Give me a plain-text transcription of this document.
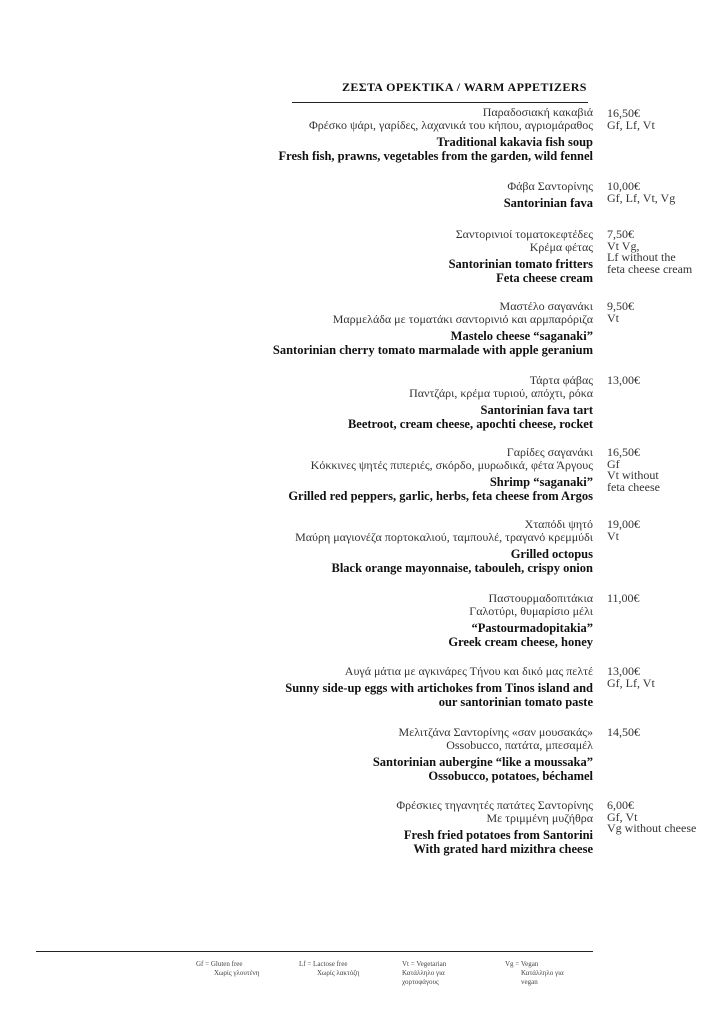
ΖΕΣΤΑ ΟΡΕΚΤΙΚΑ / WARM APPETIZERS
Παραδοσιακή κακαβιά
Φρέσκο ψάρι, γαρίδες, λαχανικά του κήπου, αγριομάραθος
Traditional kakavia fish soup
Fresh fish, prawns, vegetables from the garden, wild fennel
16,50€
Gf, Lf, Vt
Φάβα Σαντορίνης
Santorinian fava
10,00€
Gf, Lf, Vt, Vg
Σαντορινιοί τοματοκεφτέδες
Κρέμα φέτας
Santorinian tomato fritters
Feta cheese cream
7,50€
Vt Vg,
Lf without the
feta cheese cream
Μαστέλο σαγανάκι
Μαρμελάδα με τοματάκι σαντορινιό και αρμπαρόριζα
Mastelo cheese “saganaki”
Santorinian cherry tomato marmalade with apple geranium
9,50€
Vt
Τάρτα φάβας
Παντζάρι, κρέμα τυριού, απόχτι, ρόκα
Santorinian fava tart
Beetroot, cream cheese, apochti cheese, rocket
13,00€
Γαρίδες σαγανάκι
Κόκκινες ψητές πιπεριές, σκόρδο, μυρωδικά, φέτα Άργους
Shrimp “saganaki”
Grilled red peppers, garlic, herbs, feta cheese from Argos
16,50€
Gf
Vt without
feta cheese
Χταπόδι ψητό
Μαύρη μαγιονέζα πορτοκαλιού, ταμπουλέ, τραγανό κρεμμύδι
Grilled octopus
Black orange mayonnaise, tabouleh, crispy onion
19,00€
Vt
Παστουρμαδοπιτάκια
Γαλοτύρι, θυμαρίσιο μέλι
“Pastourmadopitakia”
Greek cream cheese, honey
11,00€
Αυγά μάτια με αγκινάρες Τήνου και δικό μας πελτέ
Sunny side-up eggs with artichokes from Tinos island and
our santorinian tomato paste
13,00€
Gf, Lf, Vt
Μελιτζάνα Σαντορίνης «σαν μουσακάς»
Ossobucco, πατάτα, μπεσαμέλ
Santorinian aubergine “like a moussaka”
Ossobucco, potatoes, béchamel
14,50€
Φρέσκιες τηγανητές πατάτες Σαντορίνης
Με τριμμένη μυζήθρα
Fresh fried potatoes from Santorini
With grated hard mizithra cheese
6,00€
Gf, Vt
Vg without cheese
Gf = Gluten free
Χωρίς γλουτένη
Lf = Lactose free
Χωρίς λακτόζη
Vt = Vegetarian
Κατάλληλο για
χορτοφάγους
Vg = Vegan
Κατάλληλο για
vegan
